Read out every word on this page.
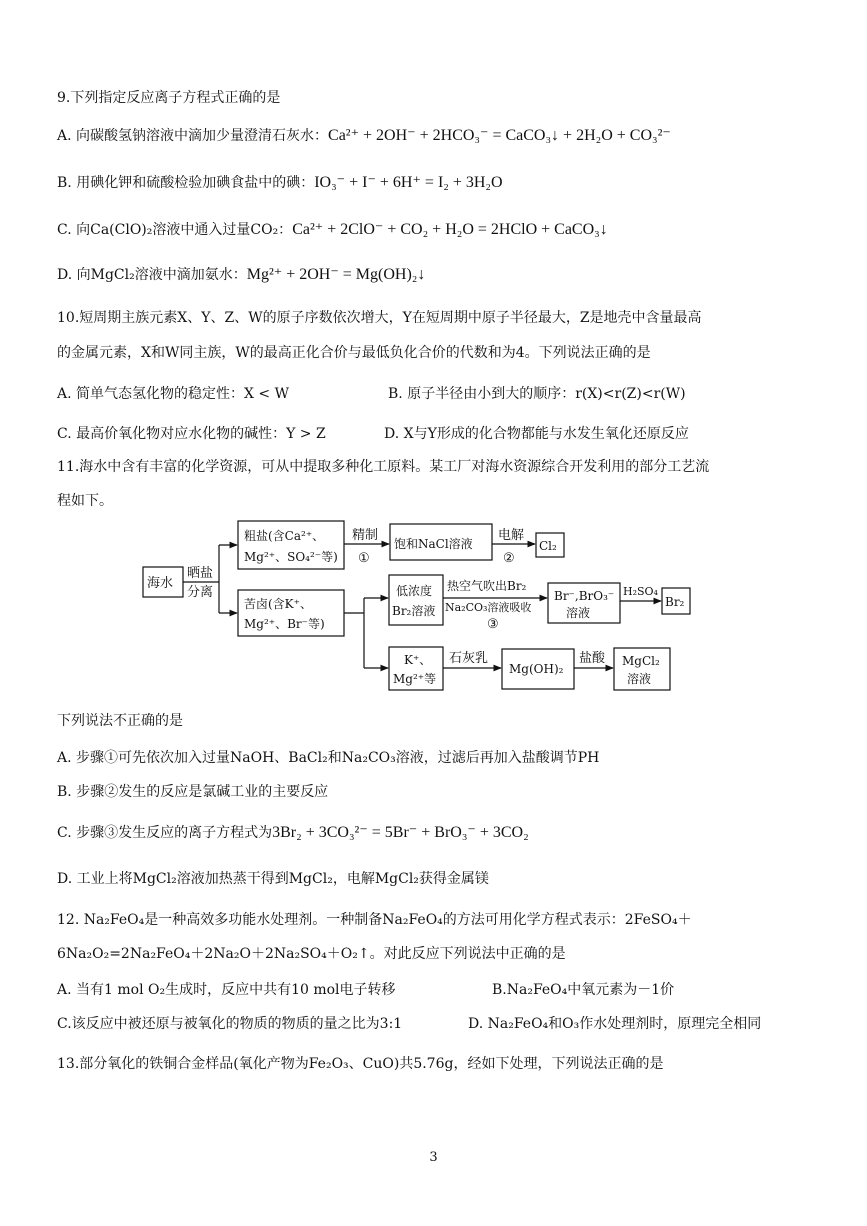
9.下列指定反应离子方程式正确的是
A. 向碳酸氢钠溶液中滴加少量澄清石灰水：Ca²⁺ + 2OH⁻ + 2HCO₃⁻ = CaCO₃↓ + 2H₂O + CO₃²⁻
B. 用碘化钾和硫酸检验加碘食盐中的碘：IO₃⁻ + I⁻ + 6H⁺ = I₂ + 3H₂O
C. 向Ca(ClO)₂溶液中通入过量CO₂：Ca²⁺ + 2ClO⁻ + CO₂ + H₂O = 2HClO + CaCO₃↓
D. 向MgCl₂溶液中滴加氨水：Mg²⁺ + 2OH⁻ = Mg(OH)₂↓
10.短周期主族元素X、Y、Z、W的原子序数依次增大，Y在短周期中原子半径最大，Z是地壳中含量最高
的金属元素，X和W同主族，W的最高正化合价与最低负化合价的代数和为4。下列说法正确的是
A. 简单气态氢化物的稳定性：X < W	B. 原子半径由小到大的顺序：r(X)<r(Z)<r(W)
C. 最高价氧化物对应水化物的碱性：Y > Z	D. X与Y形成的化合物都能与水发生氧化还原反应
11.海水中含有丰富的化学资源，可从中提取多种化工原料。某工厂对海水资源综合开发利用的部分工艺流
程如下。
海水
晒盐
分离
粗盐(含Ca²⁺、
Mg²⁺、SO₄²⁻等)
精制
①
饱和NaCl溶液
电解
②
Cl₂
苦卤(含K⁺、
Mg²⁺、Br⁻等)
低浓度
Br₂溶液
热空气吹出Br₂
Na₂CO₃溶液吸收
③
Br⁻,BrO₃⁻
溶液
H₂SO₄
Br₂
K⁺、
Mg²⁺等
石灰乳
Mg(OH)₂
盐酸 MgCl₂
溶液
下列说法不正确的是
A. 步骤①可先依次加入过量NaOH、BaCl₂和Na₂CO₃溶液，过滤后再加入盐酸调节PH
B. 步骤②发生的反应是氯碱工业的主要反应
C. 步骤③发生反应的离子方程式为3Br₂ + 3CO₃²⁻ = 5Br⁻ + BrO₃⁻ + 3CO₂
D. 工业上将MgCl₂溶液加热蒸干得到MgCl₂，电解MgCl₂获得金属镁
12. Na₂FeO₄是一种高效多功能水处理剂。一种制备Na₂FeO₄的方法可用化学方程式表示：2FeSO₄＋
6Na₂O₂=2Na₂FeO₄＋2Na₂O＋2Na₂SO₄＋O₂↑。对此反应下列说法中正确的是
A. 当有1 mol O₂生成时，反应中共有10 mol电子转移	B.Na₂FeO₄中氧元素为－1价
C.该反应中被还原与被氧化的物质的物质的量之比为3:1	D. Na₂FeO₄和O₃作水处理剂时，原理完全相同
13.部分氧化的铁铜合金样品(氧化产物为Fe₂O₃、CuO)共5.76g，经如下处理，下列说法正确的是
3
